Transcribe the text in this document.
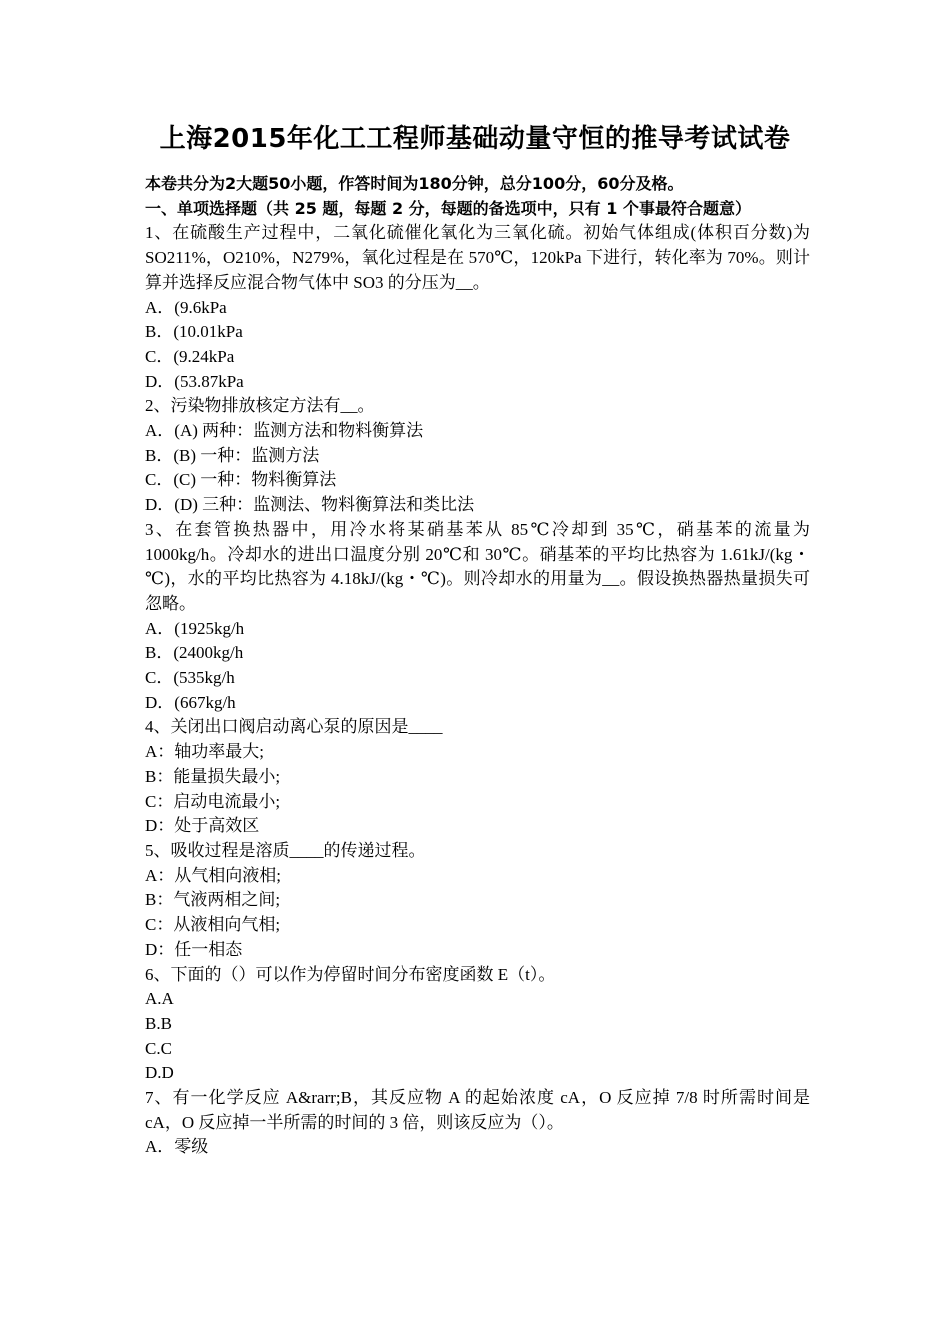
上海2015年化工工程师基础动量守恒的推导考试试卷
本卷共分为2大题50小题，作答时间为180分钟，总分100分，60分及格。
一、单项选择题（共 25 题，每题 2 分，每题的备选项中，只有 1 个事最符合题意）
1、在硫酸生产过程中，二氧化硫催化氧化为三氧化硫。初始气体组成(体积百分数)为 SO211%，O210%，N279%，氧化过程是在 570℃，120kPa 下进行，转化率为 70%。则计算并选择反应混合物气体中 SO3 的分压为__。
A．(9.6kPa
B．(10.01kPa
C．(9.24kPa
D．(53.87kPa
2、污染物排放核定方法有__。
A．(A) 两种：监测方法和物料衡算法
B．(B) 一种：监测方法
C．(C) 一种：物料衡算法
D．(D) 三种：监测法、物料衡算法和类比法
3、在套管换热器中，用冷水将某硝基苯从 85℃冷却到 35℃，硝基苯的流量为 1000kg/h。冷却水的进出口温度分别 20℃和 30℃。硝基苯的平均比热容为 1.61kJ/(kg・℃)，水的平均比热容为 4.18kJ/(kg・℃)。则冷却水的用量为__。假设换热器热量损失可忽略。
A．(1925kg/h
B．(2400kg/h
C．(535kg/h
D．(667kg/h
4、关闭出口阀启动离心泵的原因是____
A：轴功率最大;
B：能量损失最小;
C：启动电流最小;
D：处于高效区
5、吸收过程是溶质____的传递过程。
A：从气相向液相;
B：气液两相之间;
C：从液相向气相;
D：任一相态
6、下面的（）可以作为停留时间分布密度函数 E（t）。
A.A
B.B
C.C
D.D
7、有一化学反应 A&rarr;B，其反应物 A 的起始浓度 cA，O 反应掉 7/8 时所需时间是 cA，O 反应掉一半所需的时间的 3 倍，则该反应为（）。
A．零级
